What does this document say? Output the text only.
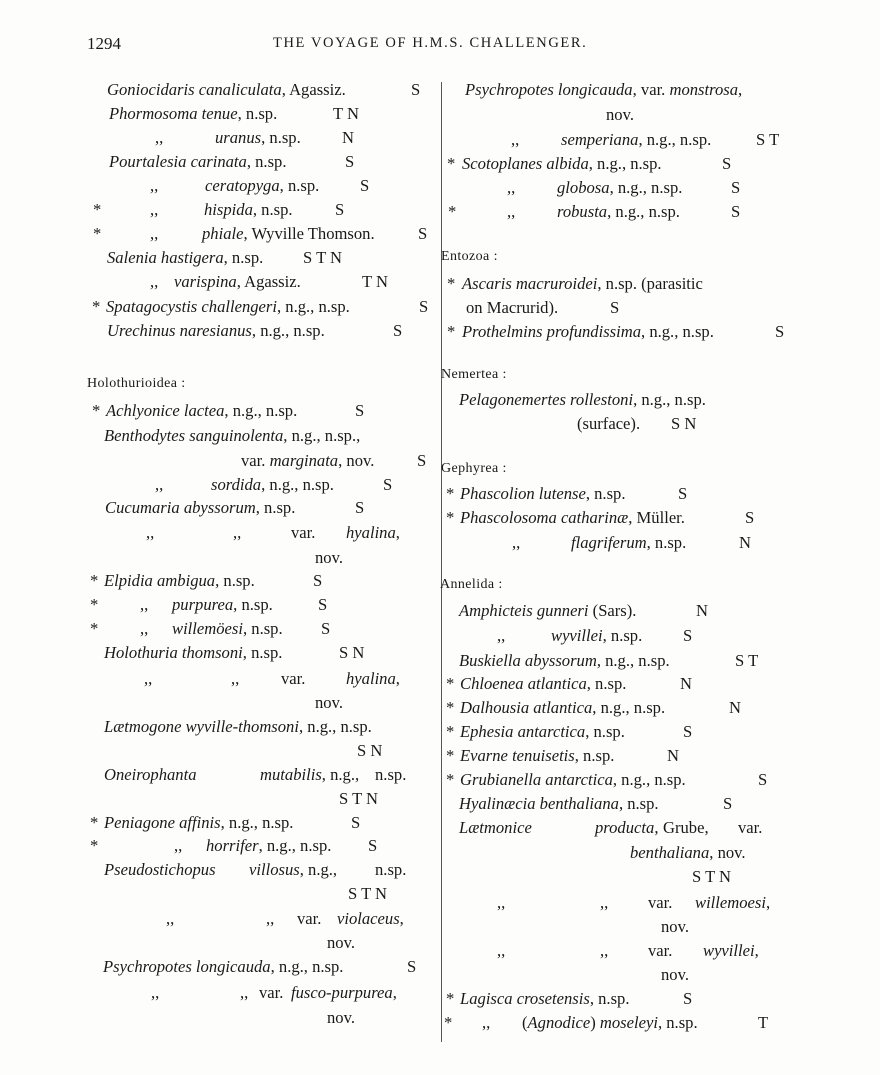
1294	THE VOYAGE OF H.M.S. CHALLENGER.
Goniocidaris canaliculata, Agassiz.	S
Phormosoma tenue, n.sp.	T N
,,	uranus, n.sp. N
Pourtalesia carinata, n.sp.	S
,,	ceratopyga, n.sp. S
*	,,	hispida, n.sp.	S
*	,,	phiale, Wyville Thomson.	S
Salenia hastigera, n.sp. S T N
,, varispina, Agassiz.	T N
* Spatagocystis challengeri, n.g., n.sp.	S
Urechinus naresianus, n.g., n.sp.	S
Holothurioidea :
* Achlyonice lactea, n.g., n.sp.	S
Benthodytes sanguinolenta, n.g., n.sp.,
var. marginata, nov.	S
,,	sordida, n.g., n.sp.	S
Cucumaria abyssorum, n.sp.	S
,,	,,	var. hyalina,
nov.
* Elpidia ambigua, n.sp.	S
*	,, purpurea, n.sp.	S
*	,, willemöesi, n.sp. S
Holothuria thomsoni, n.sp.	S N
,,	,,	var. hyalina,
nov.
Lætmogone wyville-thomsoni, n.g., n.sp.
S N
Oneirophanta	mutabilis, n.g., n.sp.
S T N
* Peniagone affinis, n.g., n.sp.	S
*	,, horrifer, n.g., n.sp. S
Pseudostichopus villosus, n.g., n.sp.
S T N
,,	,, var. violaceus,
nov.
Psychropotes longicauda, n.g., n.sp.	S
,,	,, var. fusco-purpurea,
nov.
Psychropotes longicauda, var. monstrosa,
nov.
,,	semperiana, n.g., n.sp.	S T
* Scotoplanes albida, n.g., n.sp.	S
,,	globosa, n.g., n.sp.	S
*	,,	robusta, n.g., n.sp.	S
Entozoa :
* Ascaris macruroidei, n.sp. (parasitic
on Macrurid).	S
* Prothelmins profundissima, n.g., n.sp.	S
Nemertea :
Pelagonemertes rollestoni, n.g., n.sp.
(surface). S N
Gephyrea :
* Phascolion lutense, n.sp.	S
* Phascolosoma catharinæ, Müller.	S
,,	flagriferum, n.sp.	N
Annelida :
Amphicteis gunneri (Sars).	N
,,	wyvillei, n.sp. S
Buskiella abyssorum, n.g., n.sp.	S T
* Chloenea atlantica, n.sp.	N
* Dalhousia atlantica, n.g., n.sp.	N
* Ephesia antarctica, n.sp.	S
* Evarne tenuisetis, n.sp.	N
* Grubianella antarctica, n.g., n.sp.	S
Hyalinæcia benthaliana, n.sp.	S
Lætmonice	producta, Grube, var.
benthaliana, nov.
S T N
,,	,, var. willemoesi,
nov.
,,	,, var. wyvillei,
nov.
* Lagisca crosetensis, n.sp.	S
* ,, (Agnodice) moseleyi, n.sp.	T
